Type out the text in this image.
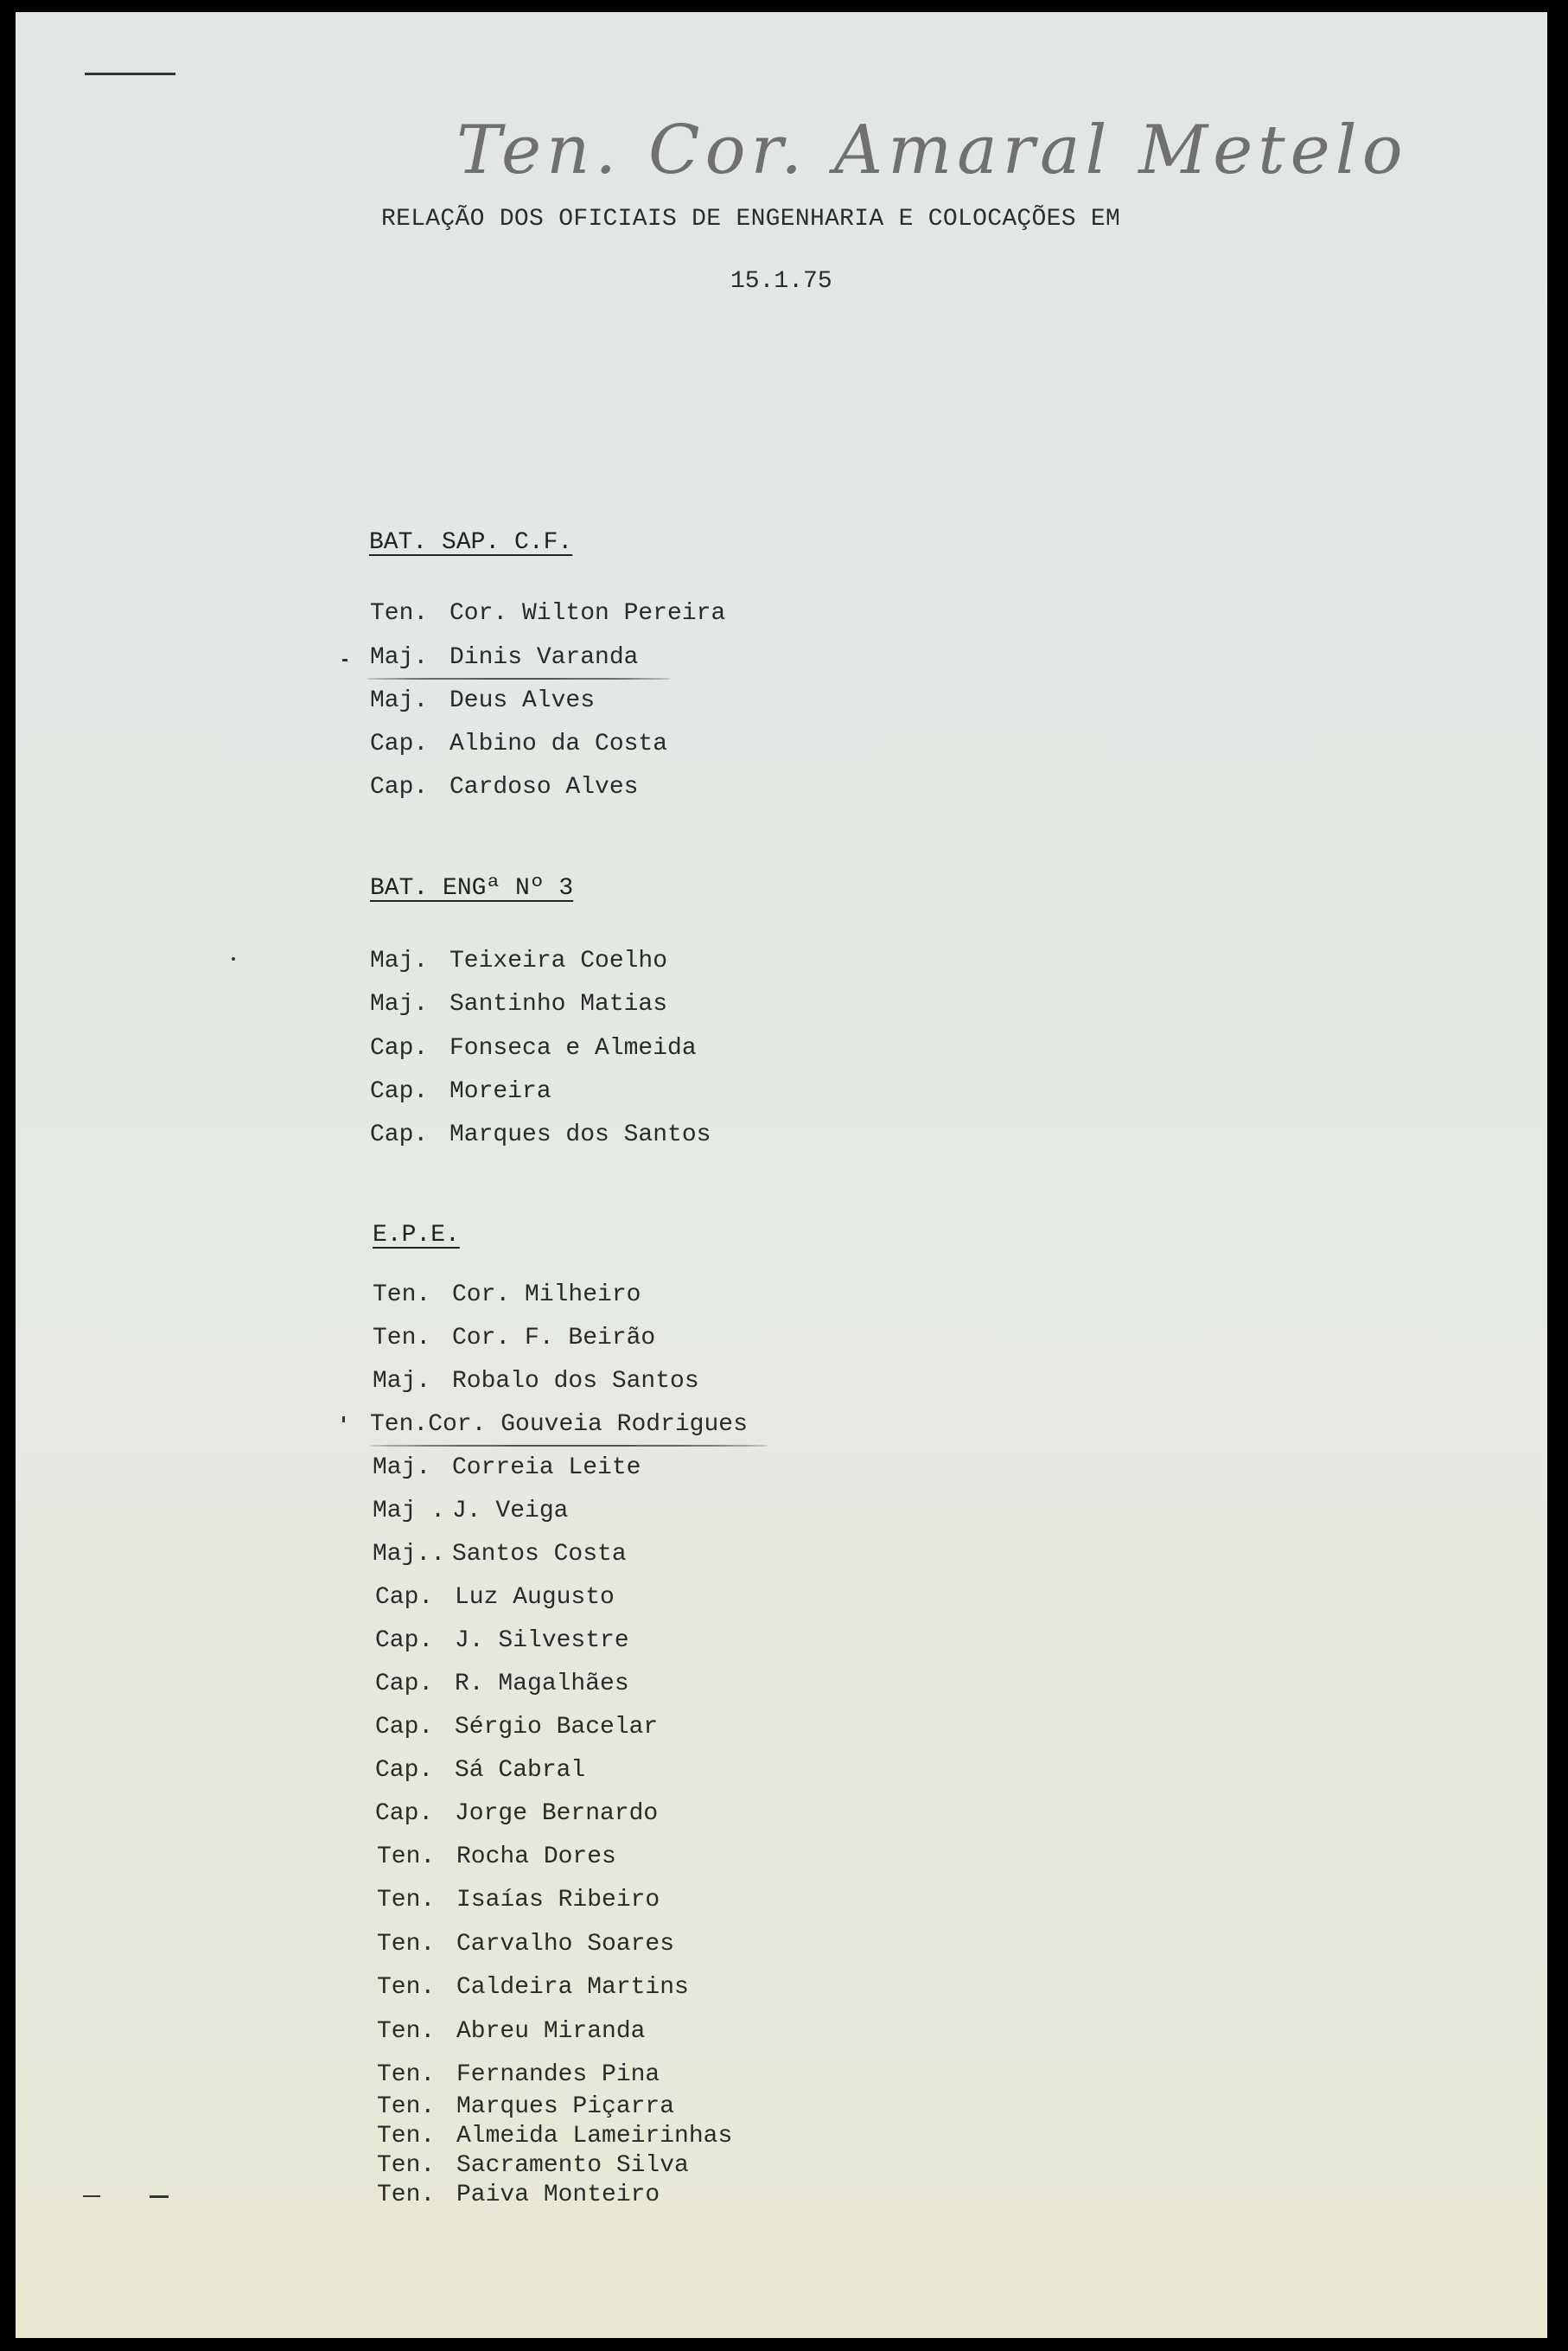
Ten. Cor. Amaral Metelo
RELAÇÃO DOS OFICIAIS DE ENGENHARIA E COLOCAÇÕES EM
15.1.75
BAT. SAP. C.F.
Ten. Cor. Wilton Pereira
Maj. Dinis Varanda
Maj. Deus Alves
Cap. Albino da Costa
Cap. Cardoso Alves
BAT. ENGª Nº 3
Maj. Teixeira Coelho
Maj. Santinho Matias
Cap. Fonseca e Almeida
Cap. Moreira
Cap. Marques dos Santos
E.P.E.
Ten. Cor. Milheiro
Ten. Cor. F. Beirão
Maj. Robalo dos Santos
Ten.Cor. Gouveia Rodrigues
Maj. Correia Leite
Maj . J. Veiga
Maj.. Santos Costa
Cap. Luz Augusto
Cap. J. Silvestre
Cap. R. Magalhães
Cap. Sérgio Bacelar
Cap. Sá Cabral
Cap. Jorge Bernardo
Ten. Rocha Dores
Ten. Isaías Ribeiro
Ten. Carvalho Soares
Ten. Caldeira Martins
Ten. Abreu Miranda
Ten. Fernandes Pina
Ten. Marques Piçarra
Ten. Almeida Lameirinhas
Ten. Sacramento Silva
Ten. Paiva Monteiro
